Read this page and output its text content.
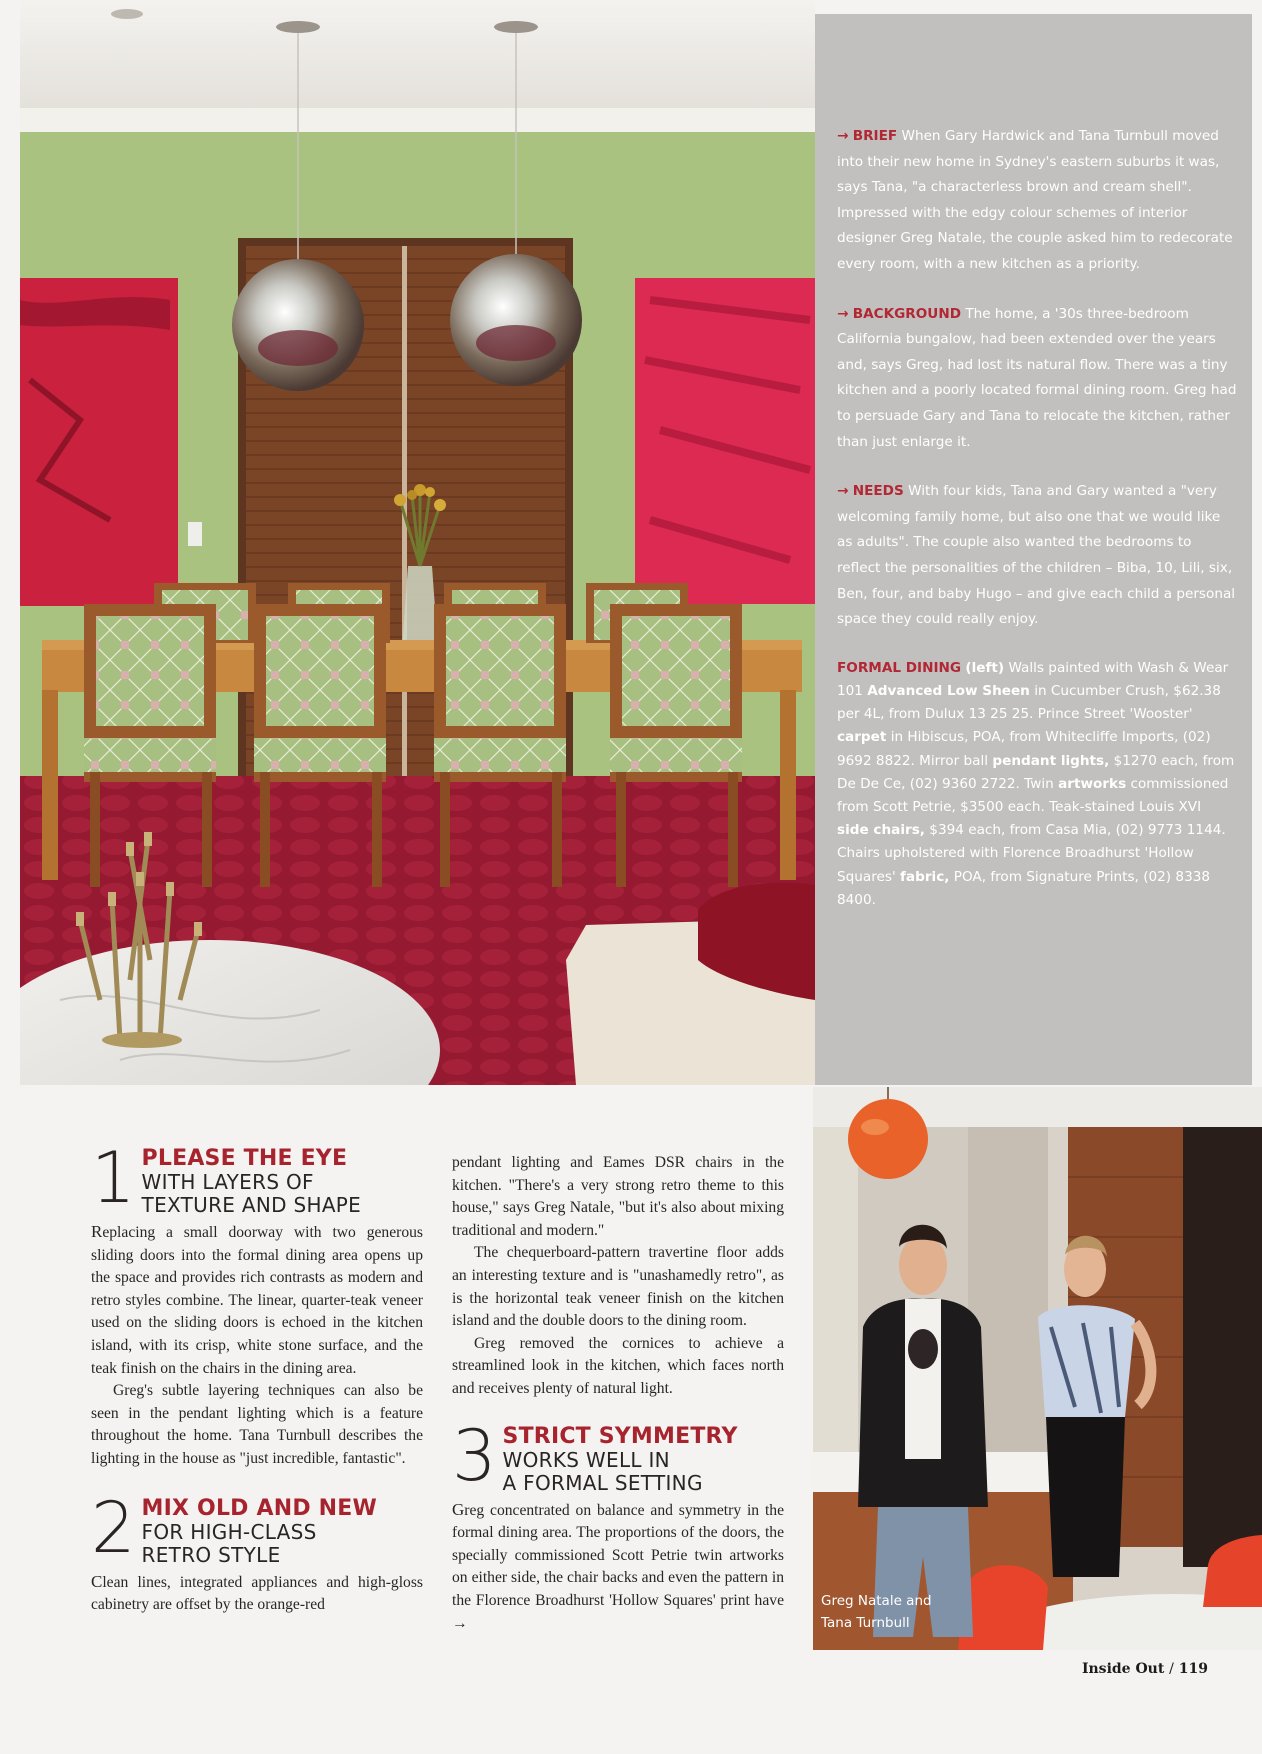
→ BRIEF When Gary Hardwick and Tana Turnbull moved into their new home in Sydney's eastern suburbs it was, says Tana, "a characterless brown and cream shell". Impressed with the edgy colour schemes of interior designer Greg Natale, the couple asked him to redecorate every room, with a new kitchen as a priority.

→ BACKGROUND The home, a '30s three-bedroom California bungalow, had been extended over the years and, says Greg, had lost its natural flow. There was a tiny kitchen and a poorly located formal dining room. Greg had to persuade Gary and Tana to relocate the kitchen, rather than just enlarge it.

→ NEEDS With four kids, Tana and Gary wanted a "very welcoming family home, but also one that we would like as adults". The couple also wanted the bedrooms to reflect the personalities of the children – Biba, 10, Lili, six, Ben, four, and baby Hugo – and give each child a personal space they could really enjoy.

FORMAL DINING (left) Walls painted with Wash & Wear 101 Advanced Low Sheen in Cucumber Crush, $62.38 per 4L, from Dulux 13 25 25. Prince Street 'Wooster' carpet in Hibiscus, POA, from Whitecliffe Imports, (02) 9692 8822. Mirror ball pendant lights, $1270 each, from De De Ce, (02) 9360 2722. Twin artworks commissioned from Scott Petrie, $3500 each. Teak-stained Louis XVI side chairs, $394 each, from Casa Mia, (02) 9773 1144. Chairs upholstered with Florence Broadhurst 'Hollow Squares' fabric, POA, from Signature Prints, (02) 8338 8400.

1 PLEASE THE EYE
WITH LAYERS OF
TEXTURE AND SHAPE

Replacing a small doorway with two generous sliding doors into the formal dining area opens up the space and provides rich contrasts as modern and retro styles combine. The linear, quarter-teak veneer used on the sliding doors is echoed in the kitchen island, with its crisp, white stone surface, and the teak finish on the chairs in the dining area.

Greg's subtle layering techniques can also be seen in the pendant lighting which is a feature throughout the home. Tana Turnbull describes the lighting in the house as "just incredible, fantastic".

2 MIX OLD AND NEW
FOR HIGH-CLASS
RETRO STYLE

Clean lines, integrated appliances and high-gloss cabinetry are offset by the orange-red

pendant lighting and Eames DSR chairs in the kitchen. "There's a very strong retro theme to this house," says Greg Natale, "but it's also about mixing traditional and modern."

The chequerboard-pattern travertine floor adds an interesting texture and is "unashamedly retro", as is the horizontal teak veneer finish on the kitchen island and the double doors to the dining room.

Greg removed the cornices to achieve a streamlined look in the kitchen, which faces north and receives plenty of natural light.

3 STRICT SYMMETRY
WORKS WELL IN
A FORMAL SETTING

Greg concentrated on balance and symmetry in the formal dining area. The proportions of the doors, the specially commissioned Scott Petrie twin artworks on either side, the chair backs and even the pattern in the Florence Broadhurst 'Hollow Squares' print have →

Greg Natale and
Tana Turnbull
Inside Out / 119
